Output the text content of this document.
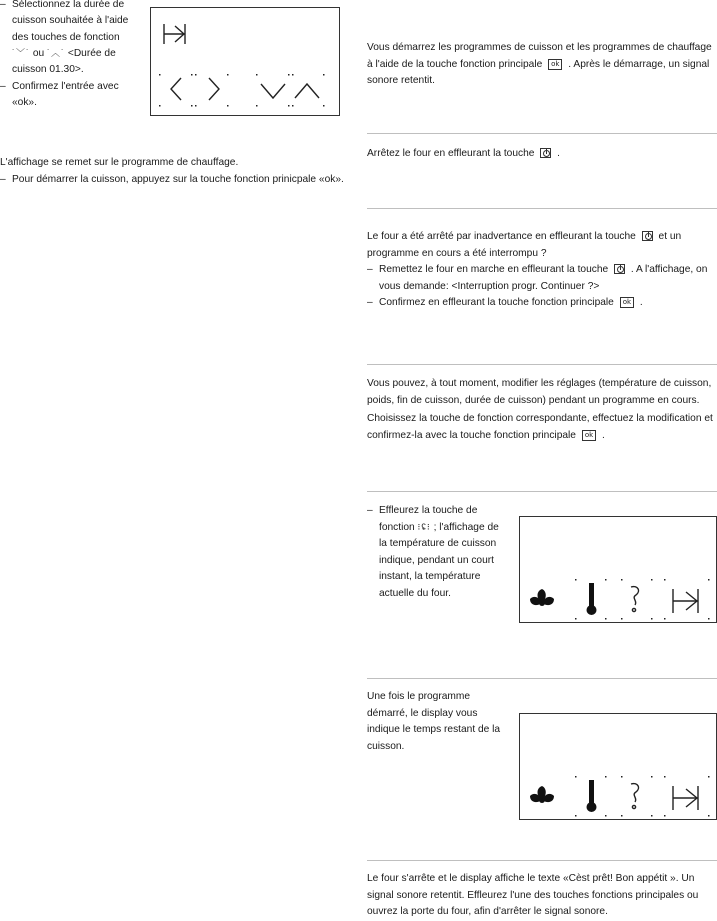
– Sélectionnez la durée de cuisson souhaitée à l'aide des touches de fonction ˙﹀˙ ou ˙︿˙ <Durée de cuisson 01.30>.
– Confirmez l'entrée avec «ok».

L'affichage se remet sur le programme de chauffage.

– Pour démarrer la cuisson, appuyez sur la touche fonction prinicpale «ok».

Vous démarrez les programmes de cuisson et les programmes de chauffage à l'aide de la touche fonction principale ok . Après le démarrage, un signal sonore retentit.

Arrêtez le four en effleurant la touche .

Le four a été arrêté par inadvertance en effleurant la touche et un programme en cours a été interrompu ?

– Remettez le four en marche en effleurant la touche . A l'affichage, on vous demande: <Interruption progr. Continuer ?>
– Confirmez en effleurant la touche fonction principale ok .

Vous pouvez, à tout moment, modifier les réglages (température de cuisson, poids, fin de cuisson, durée de cuisson) pendant un programme en cours.

Choisissez la touche de fonction correspondante, effectuez la modification et confirmez-la avec la touche fonction principale ok .

– Effleurez la touche de fonction ⁝ʢ⁝ ; l'affichage de la température de cuisson indique, pendant un court instant, la température actuelle du four.

Une fois le programme démarré, le display vous indique le temps restant de la cuisson.

Le four s'arrête et le display affiche le texte «Cèst prêt! Bon appétit ». Un signal sonore retentit. Effleurez l'une des touches fonctions principales ou ouvrez la porte du four, afin d'arrêter le signal sonore.
